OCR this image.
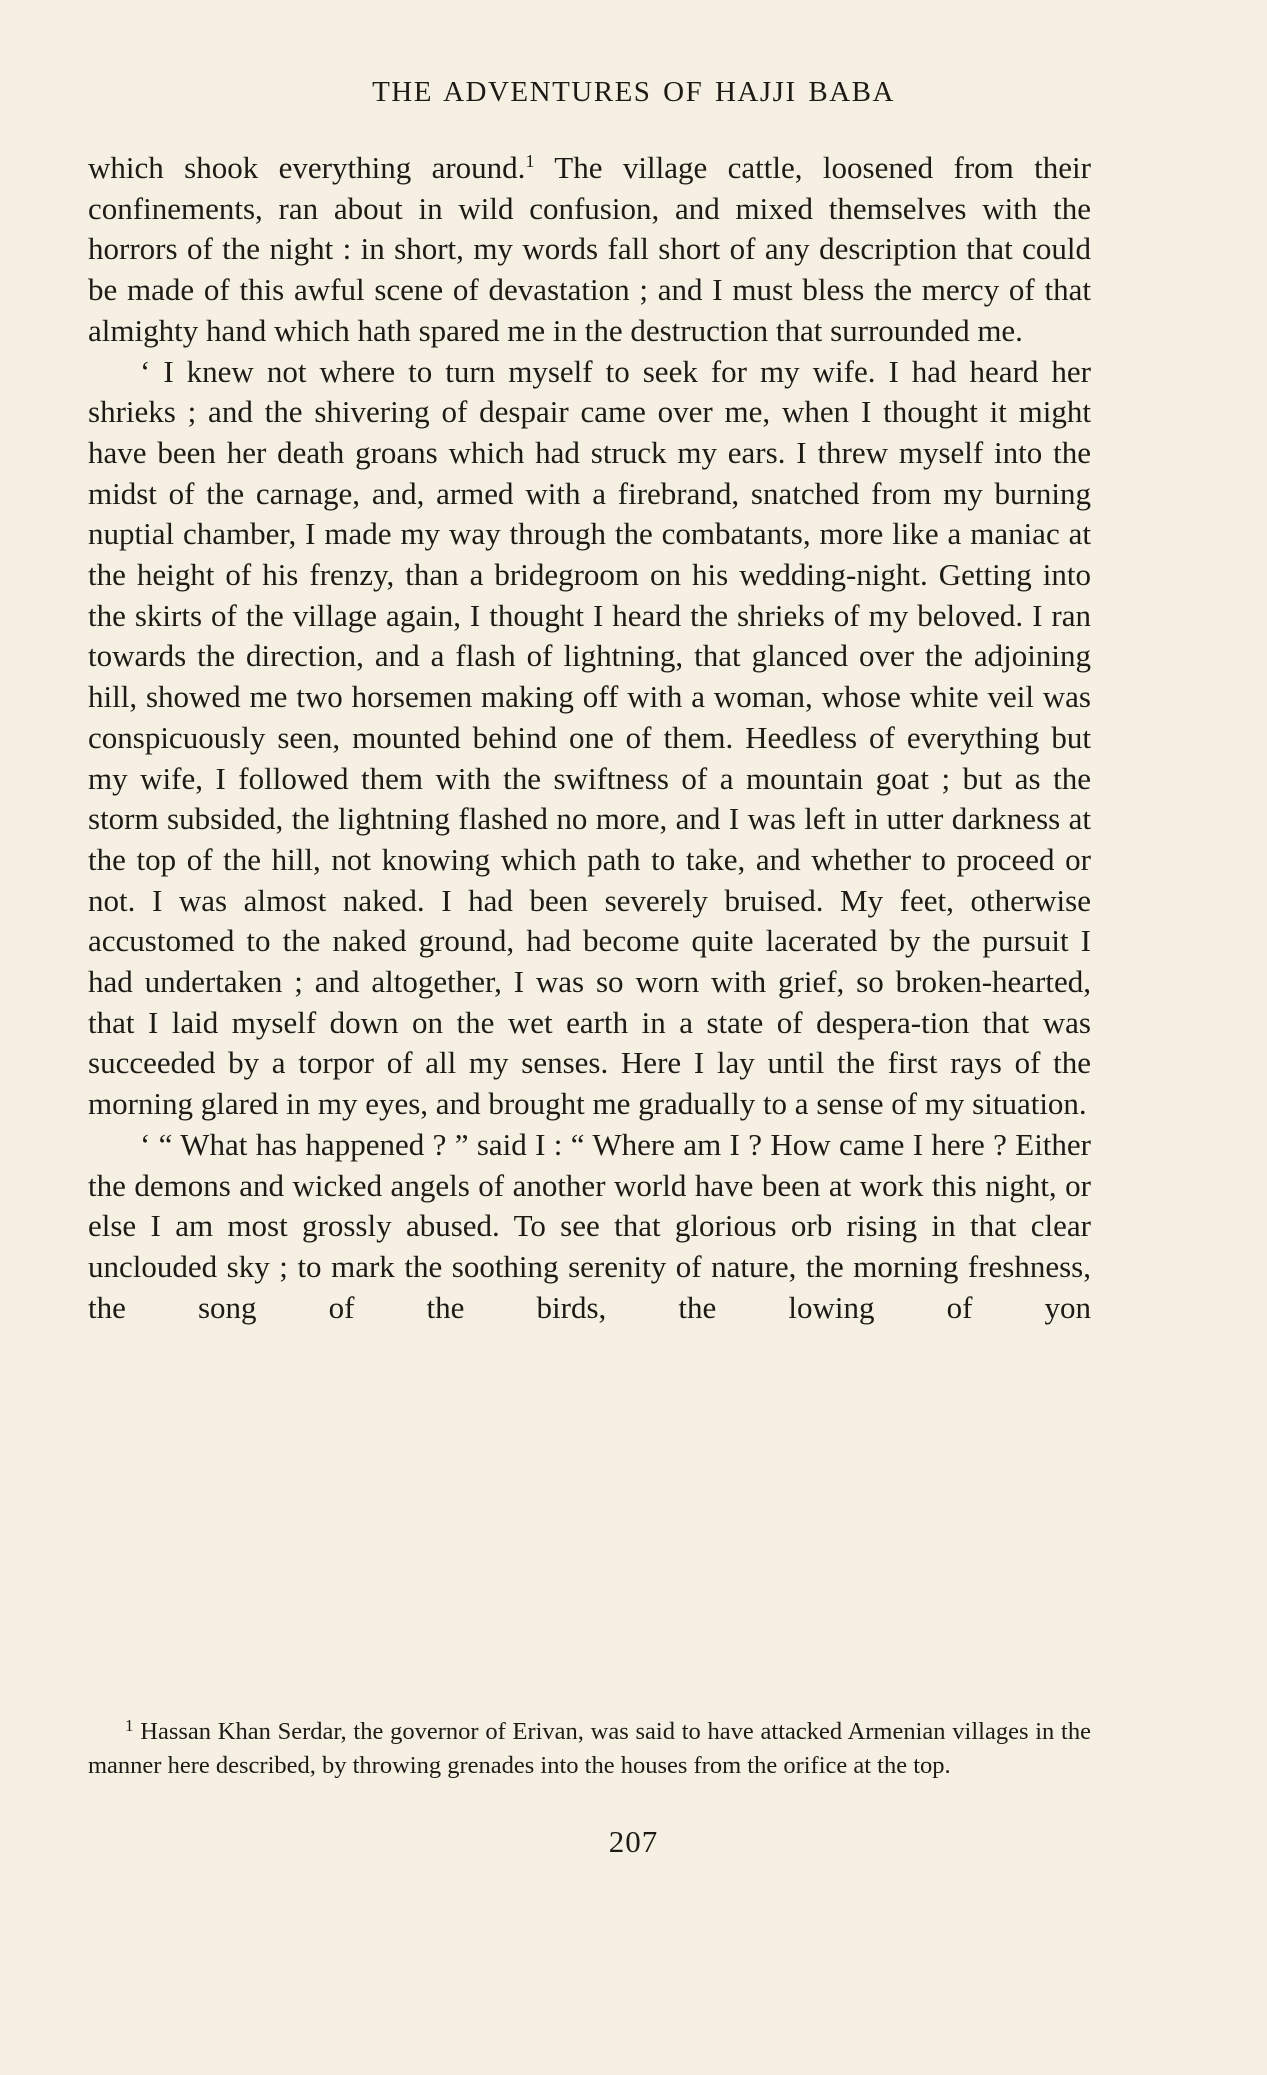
THE ADVENTURES OF HAJJI BABA

which shook everything around.$^1$ The village cattle, loosened from their confinements, ran about in wild confusion, and mixed themselves with the horrors of the night : in short, my words fall short of any description that could be made of this awful scene of devastation ; and I must bless the mercy of that almighty hand which hath spared me in the destruction that surrounded me.

‘ I knew not where to turn myself to seek for my wife. I had heard her shrieks ; and the shivering of despair came over me, when I thought it might have been her death groans which had struck my ears. I threw myself into the midst of the carnage, and, armed with a firebrand, snatched from my burning nuptial chamber, I made my way through the combatants, more like a maniac at the height of his frenzy, than a bridegroom on his wedding-night. Getting into the skirts of the village again, I thought I heard the shrieks of my beloved. I ran towards the direction, and a flash of lightning, that glanced over the adjoining hill, showed me two horsemen making off with a woman, whose white veil was conspicuously seen, mounted behind one of them. Heedless of everything but my wife, I followed them with the swiftness of a mountain goat ; but as the storm subsided, the lightning flashed no more, and I was left in utter darkness at the top of the hill, not knowing which path to take, and whether to proceed or not. I was almost naked. I had been severely bruised. My feet, otherwise accustomed to the naked ground, had become quite lacerated by the pursuit I had undertaken ; and altogether, I was so worn with grief, so broken-hearted, that I laid myself down on the wet earth in a state of despera-tion that was succeeded by a torpor of all my senses. Here I lay until the first rays of the morning glared in my eyes, and brought me gradually to a sense of my situation.

‘ “ What has happened ? ” said I : “ Where am I ? How came I here ? Either the demons and wicked angels of another world have been at work this night, or else I am most grossly abused. To see that glorious orb rising in that clear unclouded sky ; to mark the soothing serenity of nature, the morning freshness, the song of the birds, the lowing of yon

$^1$ Hassan Khan Serdar, the governor of Erivan, was said to have attacked Armenian villages in the manner here described, by throwing grenades into the houses from the orifice at the top.

207
